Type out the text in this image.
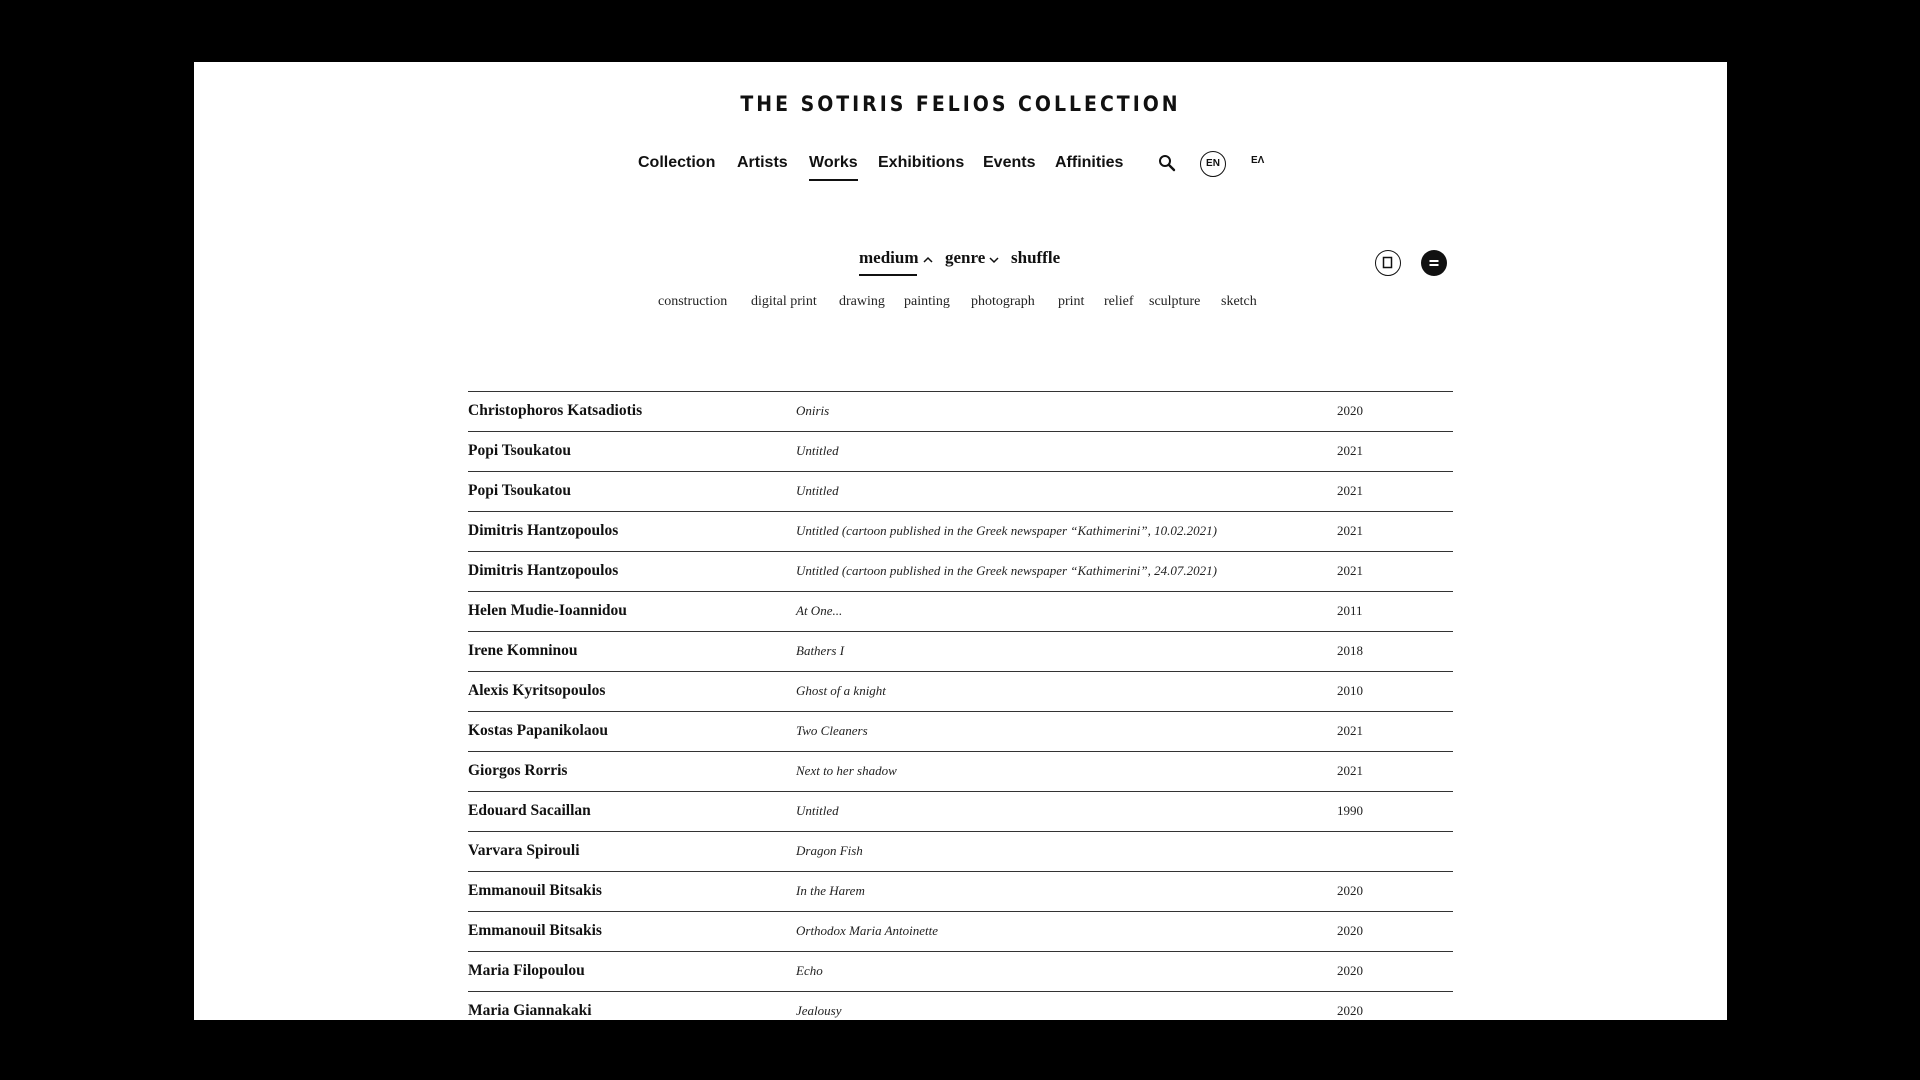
THE SOTIRIS FELIOS COLLECTION
Collection Artists Works Exhibitions Events Affinities	EN	ΕΛ
medium	genre	shuffle
construction digital print drawing painting photograph print relief sculpture sketch
Christophoros Katsadiotis	Oniris	2020
Popi Tsoukatou	Untitled	2021
Popi Tsoukatou	Untitled	2021
Dimitris Hantzopoulos	Untitled (cartoon published in the Greek newspaper “Kathimerini”, 10.02.2021)	2021
Dimitris Hantzopoulos	Untitled (cartoon published in the Greek newspaper “Kathimerini”, 24.07.2021)	2021
Helen Mudie-Ioannidou	At One...	2011
Irene Komninou	Bathers I	2018
Alexis Kyritsopoulos	Ghost of a knight	2010
Kostas Papanikolaou	Two Cleaners	2021
Giorgos Rorris	Next to her shadow	2021
Edouard Sacaillan	Untitled	1990
Varvara Spirouli	Dragon Fish
Emmanouil Bitsakis	In the Harem	2020
Emmanouil Bitsakis	Orthodox Maria Antoinette	2020
Maria Filopoulou	Echo	2020
Maria Giannakaki	Jealousy	2020
